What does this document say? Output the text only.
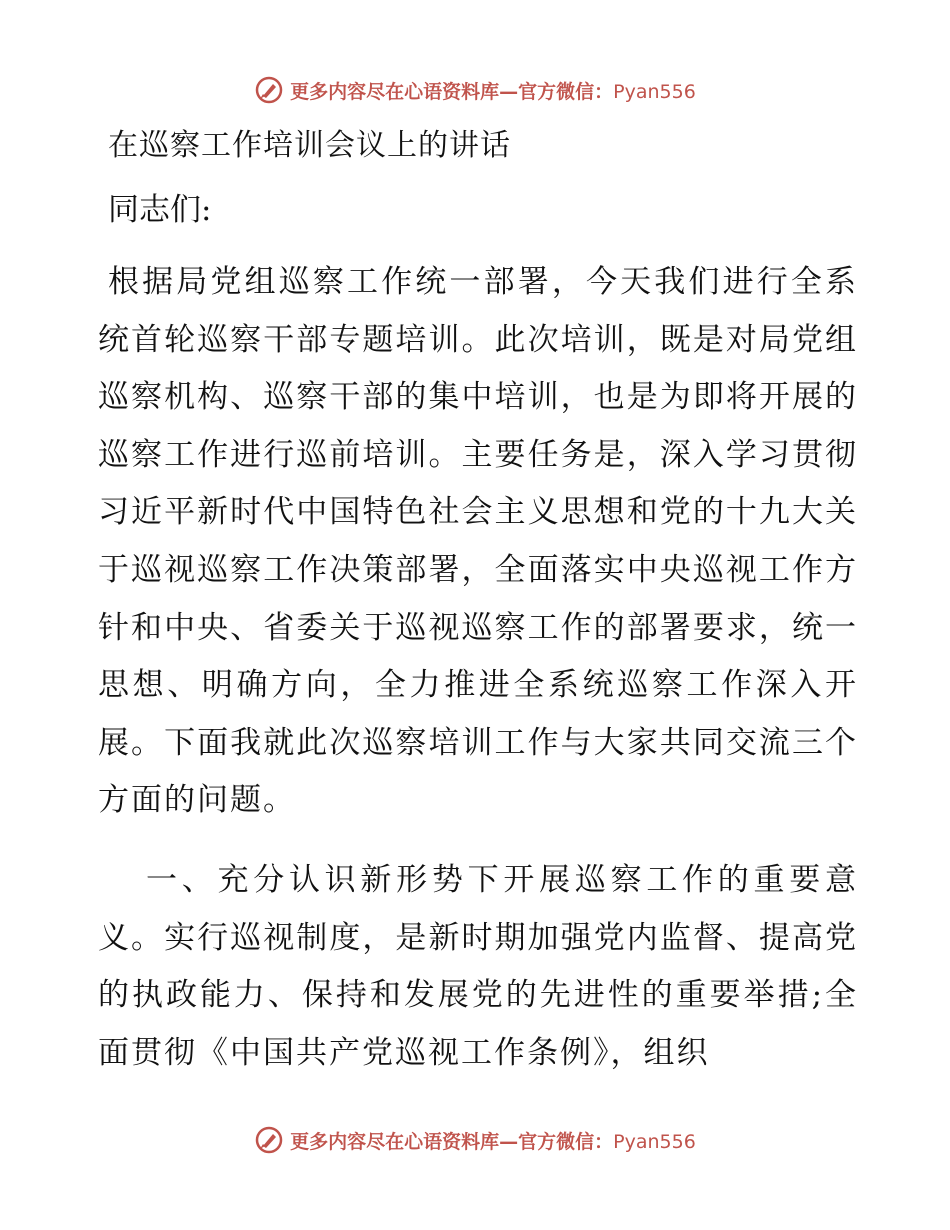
更多内容尽在心语资料库—官方微信：Pyan556
在巡察工作培训会议上的讲话

同志们:

根据局党组巡察工作统一部署，今天我们进行全系统首轮巡察干部专题培训。此次培训，既是对局党组巡察机构、巡察干部的集中培训，也是为即将开展的巡察工作进行巡前培训。主要任务是，深入学习贯彻习近平新时代中国特色社会主义思想和党的十九大关于巡视巡察工作决策部署，全面落实中央巡视工作方针和中央、省委关于巡视巡察工作的部署要求，统一思想、明确方向，全力推进全系统巡察工作深入开展。下面我就此次巡察培训工作与大家共同交流三个方面的问题。

一、充分认识新形势下开展巡察工作的重要意义。实行巡视制度，是新时期加强党内监督、提高党的执政能力、保持和发展党的先进性的重要举措;全面贯彻《中国共产党巡视工作条例》，组织

更多内容尽在心语资料库—官方微信：Pyan556
